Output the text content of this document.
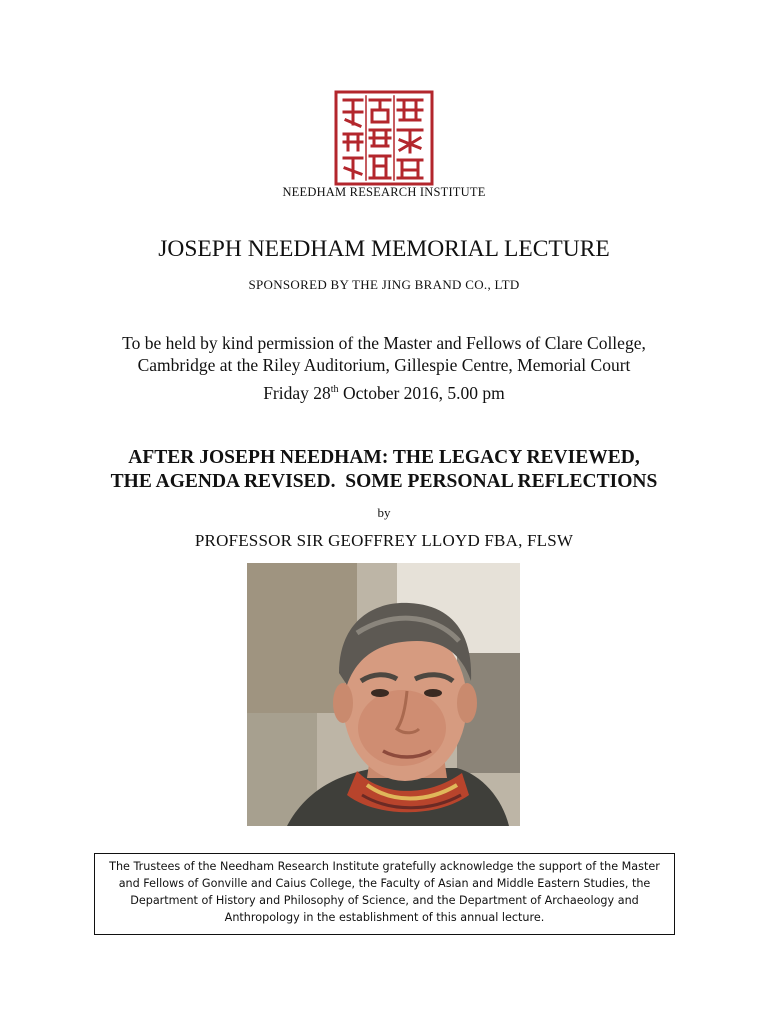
NEEDHAM RESEARCH INSTITUTE
JOSEPH NEEDHAM MEMORIAL LECTURE
SPONSORED BY THE JING BRAND CO., LTD
To be held by kind permission of the Master and Fellows of Clare College,
Cambridge at the Riley Auditorium, Gillespie Centre, Memorial Court
Friday 28th October 2016, 5.00 pm
AFTER JOSEPH NEEDHAM: THE LEGACY REVIEWED,
THE AGENDA REVISED.  SOME PERSONAL REFLECTIONS
by
PROFESSOR SIR GEOFFREY LLOYD FBA, FLSW
The Trustees of the Needham Research Institute gratefully acknowledge the support of the Master and Fellows of Gonville and Caius College, the Faculty of Asian and Middle Eastern Studies, the Department of History and Philosophy of Science, and the Department of Archaeology and Anthropology in the establishment of this annual lecture.
